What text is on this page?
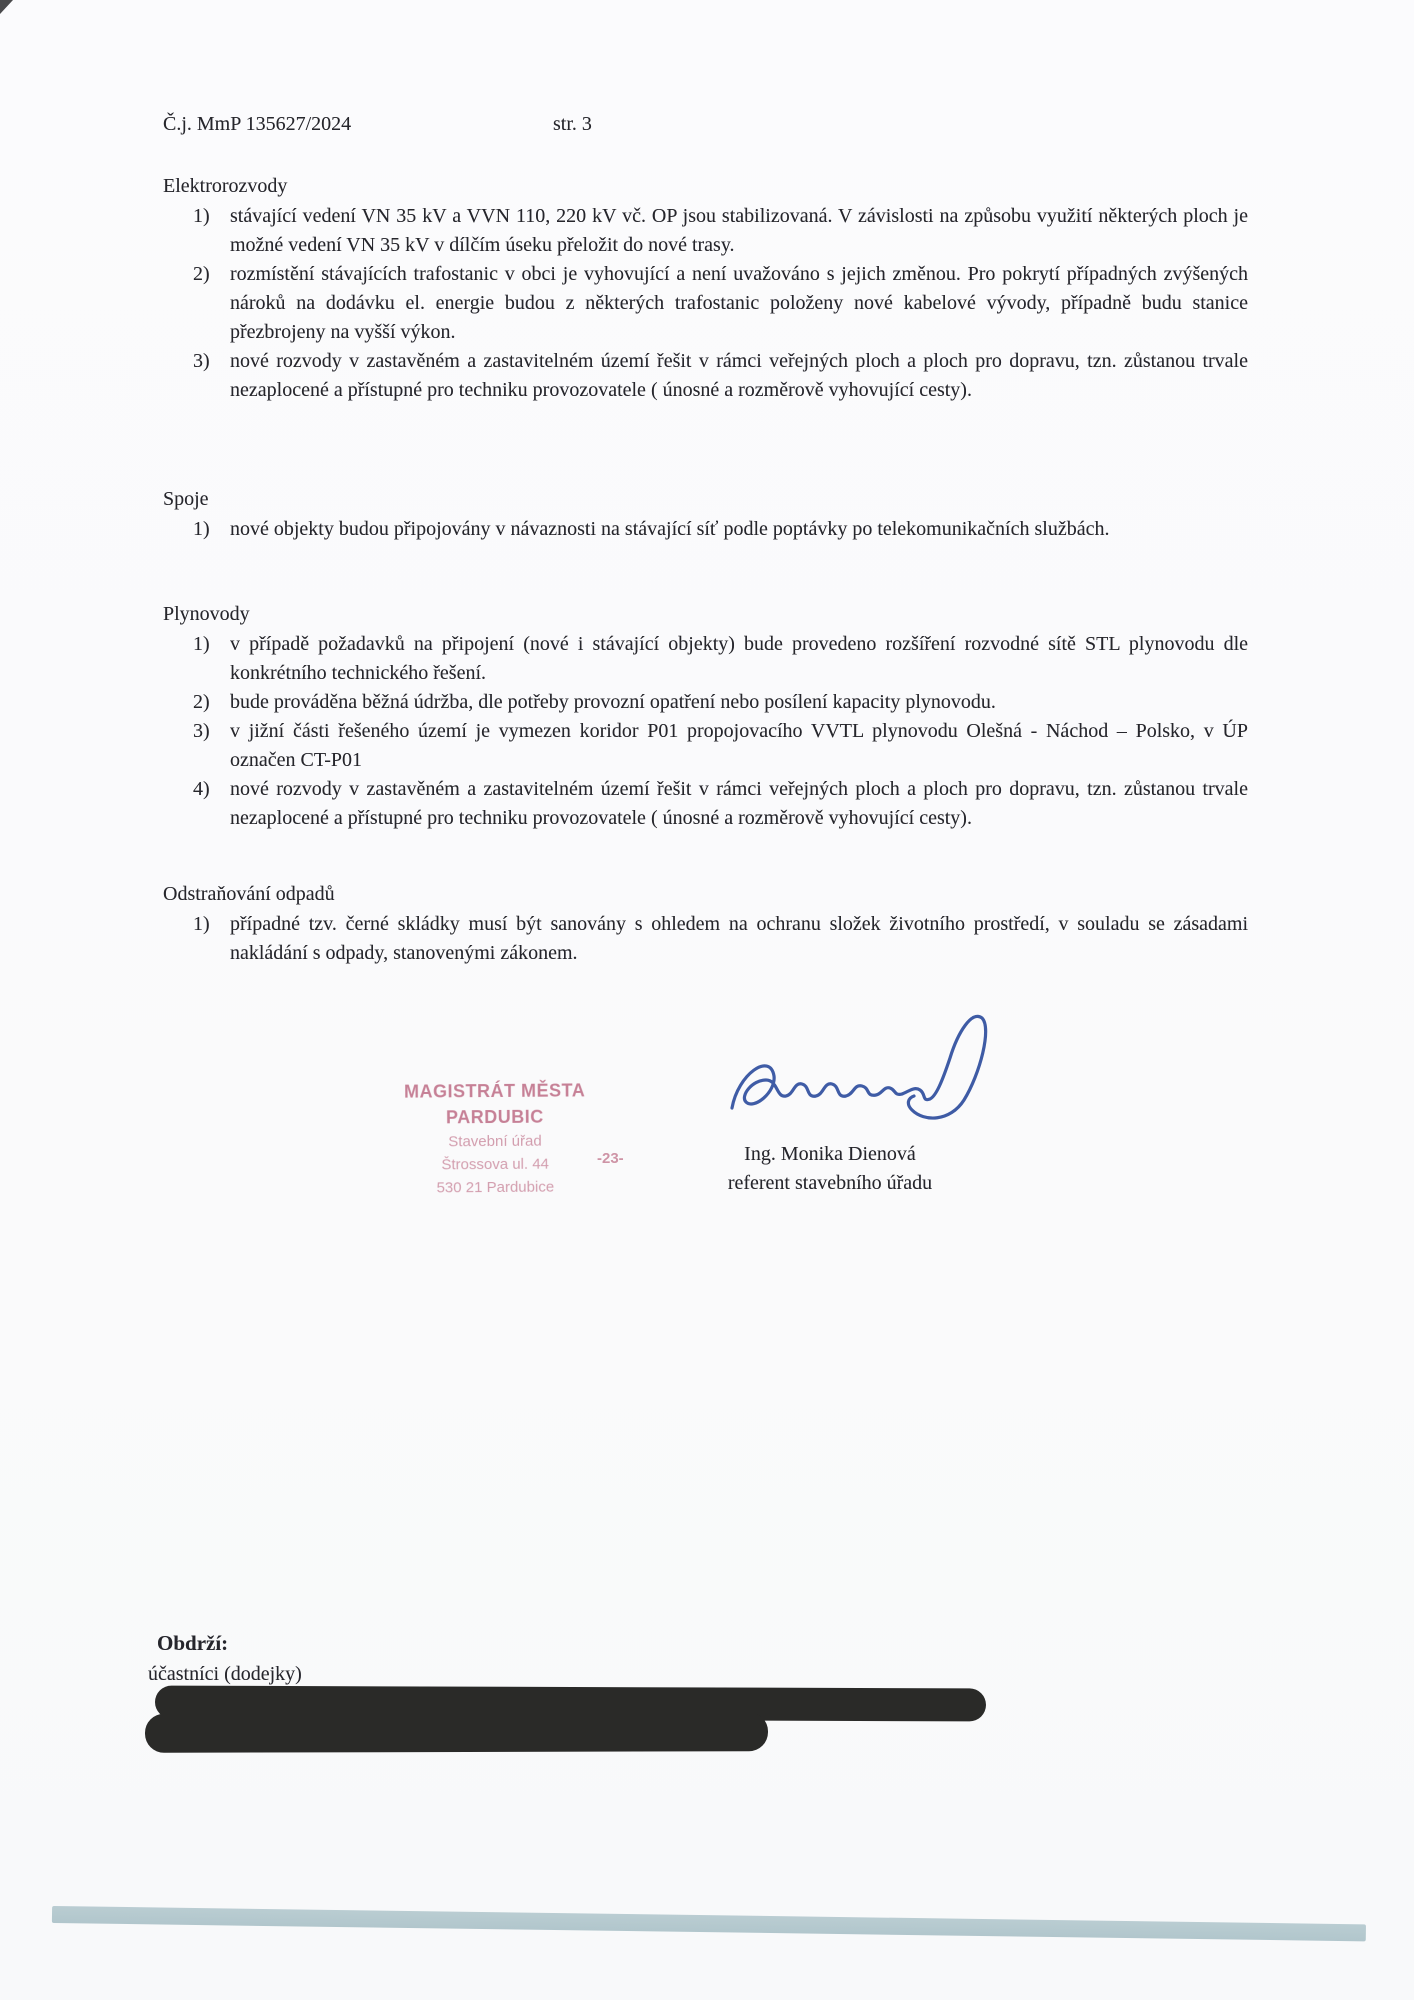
Č.j. MmP 135627/2024	str. 3
Elektrorozvody
1) stávající vedení VN 35 kV a VVN 110, 220 kV vč. OP jsou stabilizovaná. V závislosti na způsobu využití některých ploch je možné vedení VN 35 kV v dílčím úseku přeložit do nové trasy.
2) rozmístění stávajících trafostanic v obci je vyhovující a není uvažováno s jejich změnou. Pro pokrytí případných zvýšených nároků na dodávku el. energie budou z některých trafostanic položeny nové kabelové vývody, případně budu stanice přezbrojeny na vyšší výkon.
3) nové rozvody v zastavěném a zastavitelném území řešit v rámci veřejných ploch a ploch pro dopravu, tzn. zůstanou trvale nezaplocené a přístupné pro techniku provozovatele ( únosné a rozměrově vyhovující cesty).
Spoje
1) nové objekty budou připojovány v návaznosti na stávající síť podle poptávky po telekomunikačních službách.
Plynovody
1) v případě požadavků na připojení (nové i stávající objekty) bude provedeno rozšíření rozvodné sítě STL plynovodu dle konkrétního technického řešení.
2) bude prováděna běžná údržba, dle potřeby provozní opatření nebo posílení kapacity plynovodu.
3) v jižní části řešeného území je vymezen koridor P01 propojovacího VVTL plynovodu Olešná - Náchod – Polsko, v ÚP označen CT-P01
4) nové rozvody v zastavěném a zastavitelném území řešit v rámci veřejných ploch a ploch pro dopravu, tzn. zůstanou trvale nezaplocené a přístupné pro techniku provozovatele ( únosné a rozměrově vyhovující cesty).
Odstraňování odpadů
1) případné tzv. černé skládky musí být sanovány s ohledem na ochranu složek životního prostředí, v souladu se zásadami nakládání s odpady, stanovenými zákonem.
MAGISTRÁT MĚSTA PARDUBIC
Stavební úřad
Štrossova ul. 44
530 21 Pardubice
-23-	Ing. Monika Dienová
referent stavebního úřadu
Obdrží:
účastníci (dodejky)
